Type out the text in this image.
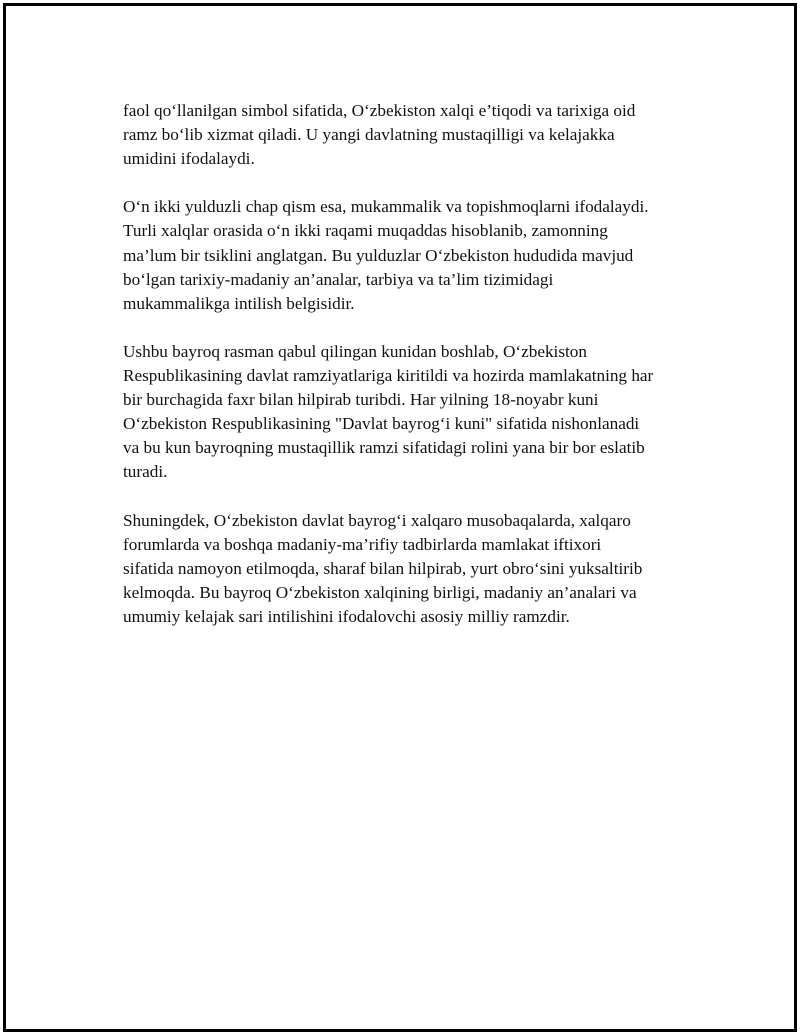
faol qo‘llanilgan simbol sifatida, O‘zbekiston xalqi e’tiqodi va tarixiga oid
ramz bo‘lib xizmat qiladi. U yangi davlatning mustaqilligi va kelajakka
umidini ifodalaydi.

O‘n ikki yulduzli chap qism esa, mukammalik va topishmoqlarni ifodalaydi.
Turli xalqlar orasida o‘n ikki raqami muqaddas hisoblanib, zamonning
ma’lum bir tsiklini anglatgan. Bu yulduzlar O‘zbekiston hududida mavjud
bo‘lgan tarixiy-madaniy an’analar, tarbiya va ta’lim tizimidagi
mukammalikga intilish belgisidir.

Ushbu bayroq rasman qabul qilingan kunidan boshlab, O‘zbekiston
Respublikasining davlat ramziyatlariga kiritildi va hozirda mamlakatning har
bir burchagida faxr bilan hilpirab turibdi. Har yilning 18-noyabr kuni
O‘zbekiston Respublikasining "Davlat bayrog‘i kuni" sifatida nishonlanadi
va bu kun bayroqning mustaqillik ramzi sifatidagi rolini yana bir bor eslatib
turadi.

Shuningdek, O‘zbekiston davlat bayrog‘i xalqaro musobaqalarda, xalqaro
forumlarda va boshqa madaniy-ma’rifiy tadbirlarda mamlakat iftixori
sifatida namoyon etilmoqda, sharaf bilan hilpirab, yurt obro‘sini yuksaltirib
kelmoqda. Bu bayroq O‘zbekiston xalqining birligi, madaniy an’analari va
umumiy kelajak sari intilishini ifodalovchi asosiy milliy ramzdir.
